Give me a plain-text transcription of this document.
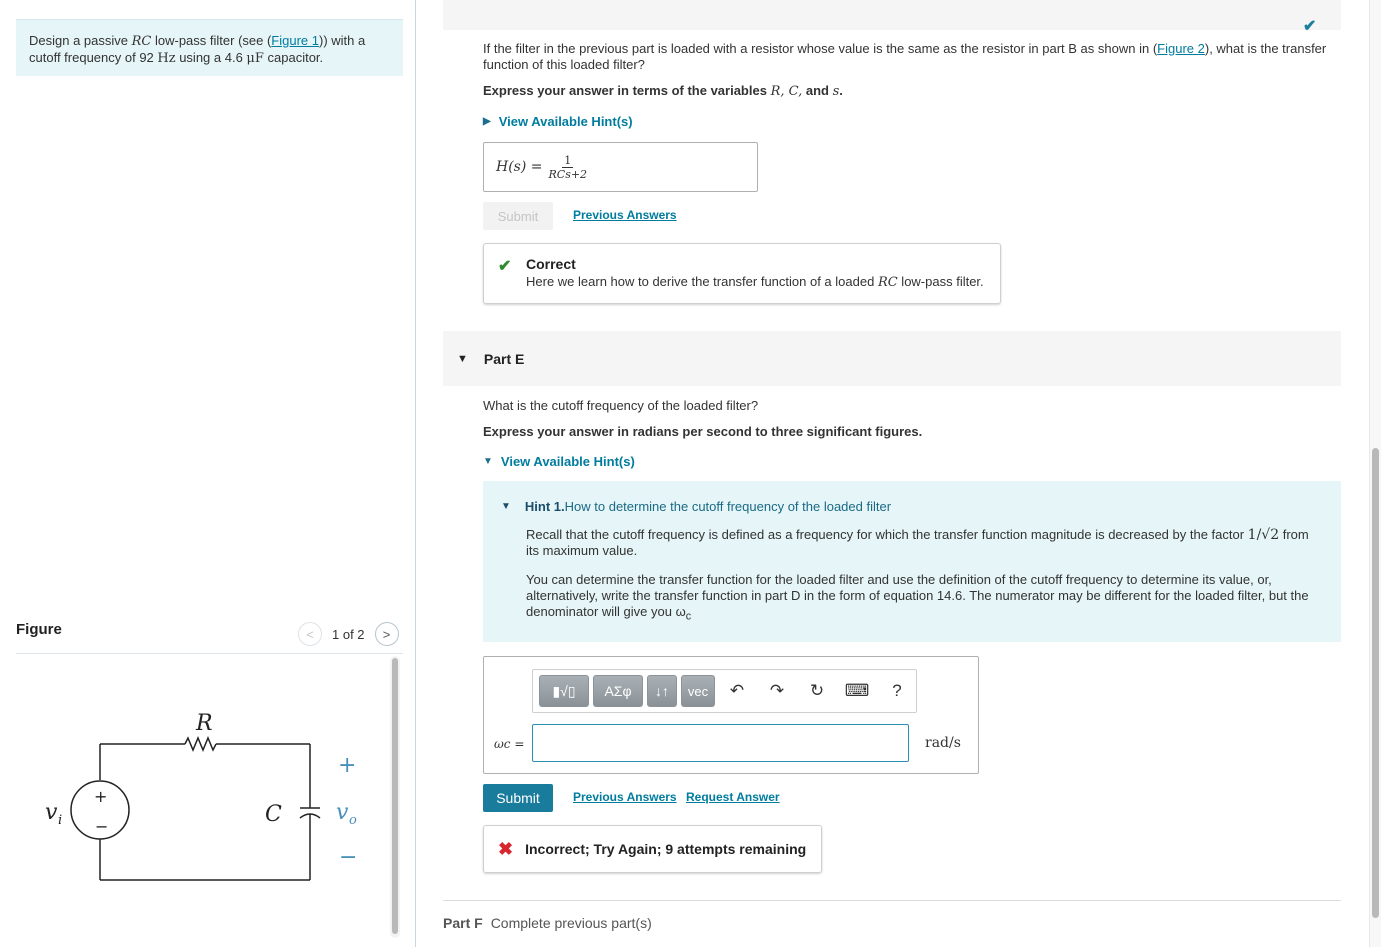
Design a passive RC low-pass filter (see (Figure 1)) with a cutoff frequency of 92 Hz using a 4.6 μF capacitor.
Figure	< 1 of 2 >
+
−
R
C
v i	v o
+
−
✔
If the filter in the previous part is loaded with a resistor whose value is the same as the resistor in part B as shown in (Figure 2), what is the transfer function of this loaded filter?
Express your answer in terms of the variables R, C, and s.
▶ View Available Hint(s)
$H(s) = \frac{1}{\text{RCs+2}}$
Submit	Previous Answers
✔ Correct
Here we learn how to derive the transfer function of a loaded RC low-pass filter.
▼ Part E
What is the cutoff frequency of the loaded filter?
Express your answer in radians per second to three significant figures.
▼ View Available Hint(s)
▼ Hint 1. How to determine the cutoff frequency of the loaded filter
Recall that the cutoff frequency is defined as a frequency for which the transfer function magnitude is decreased by the factor 1/√2 from its maximum value.
You can determine the transfer function for the loaded filter and use the definition of the cutoff frequency to determine its value, or, alternatively, write the transfer function in part D in the form of equation 14.6. The numerator may be different for the loaded filter, but the denominator will give you $\omega_c$
▮√▯	ΑΣφ	↓↑	vec	↶	↷	↻	⌨	?
ωc =	rad/s
Submit	Previous Answers Request Answer
✖ Incorrect; Try Again; 9 attempts remaining
Part F Complete previous part(s)
